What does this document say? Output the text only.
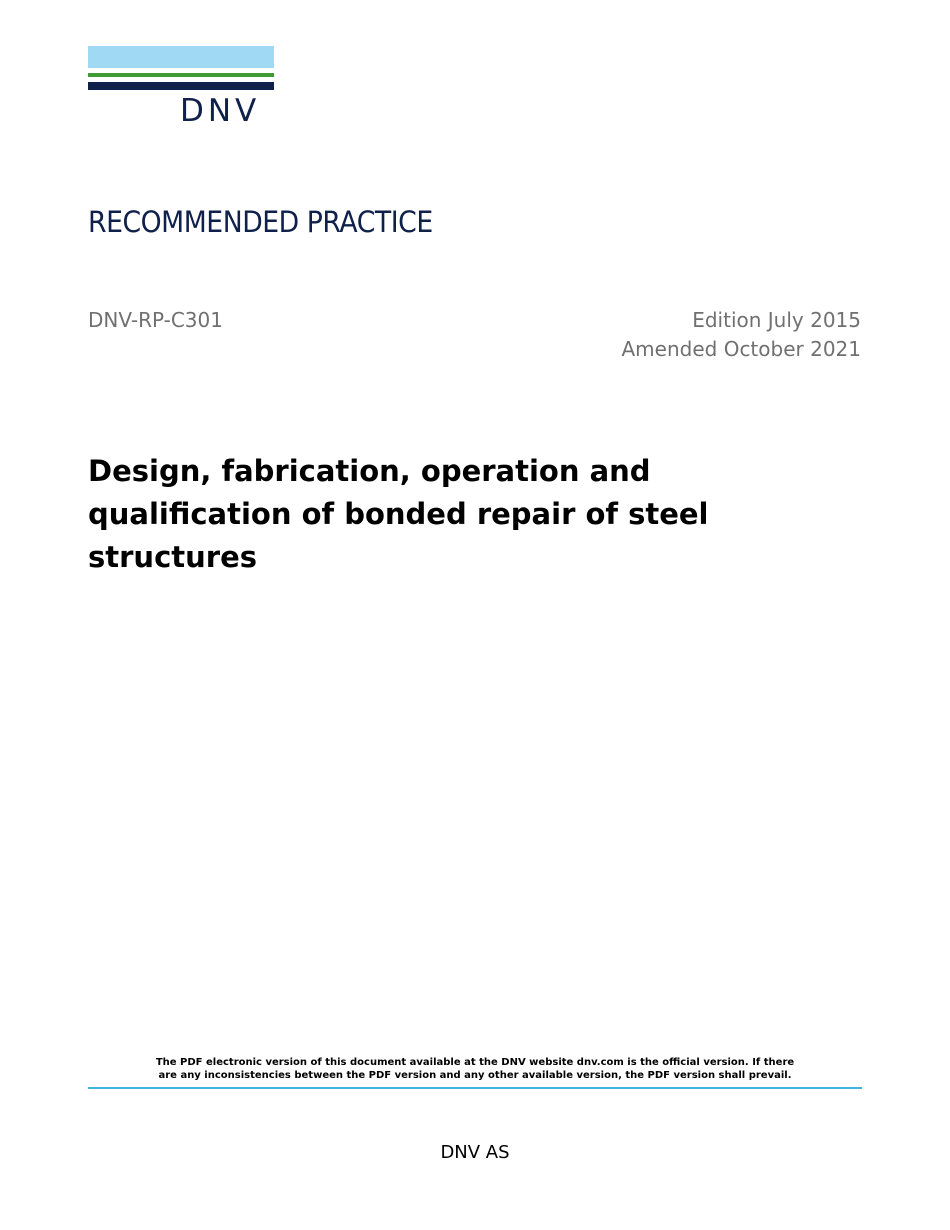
DNV
RECOMMENDED PRACTICE
DNV-RP-C301	Edition July 2015
Amended October 2021
Design, fabrication, operation and qualification of bonded repair of steel structures
The PDF electronic version of this document available at the DNV website dnv.com is the official version. If there
are any inconsistencies between the PDF version and any other available version, the PDF version shall prevail.
DNV AS
